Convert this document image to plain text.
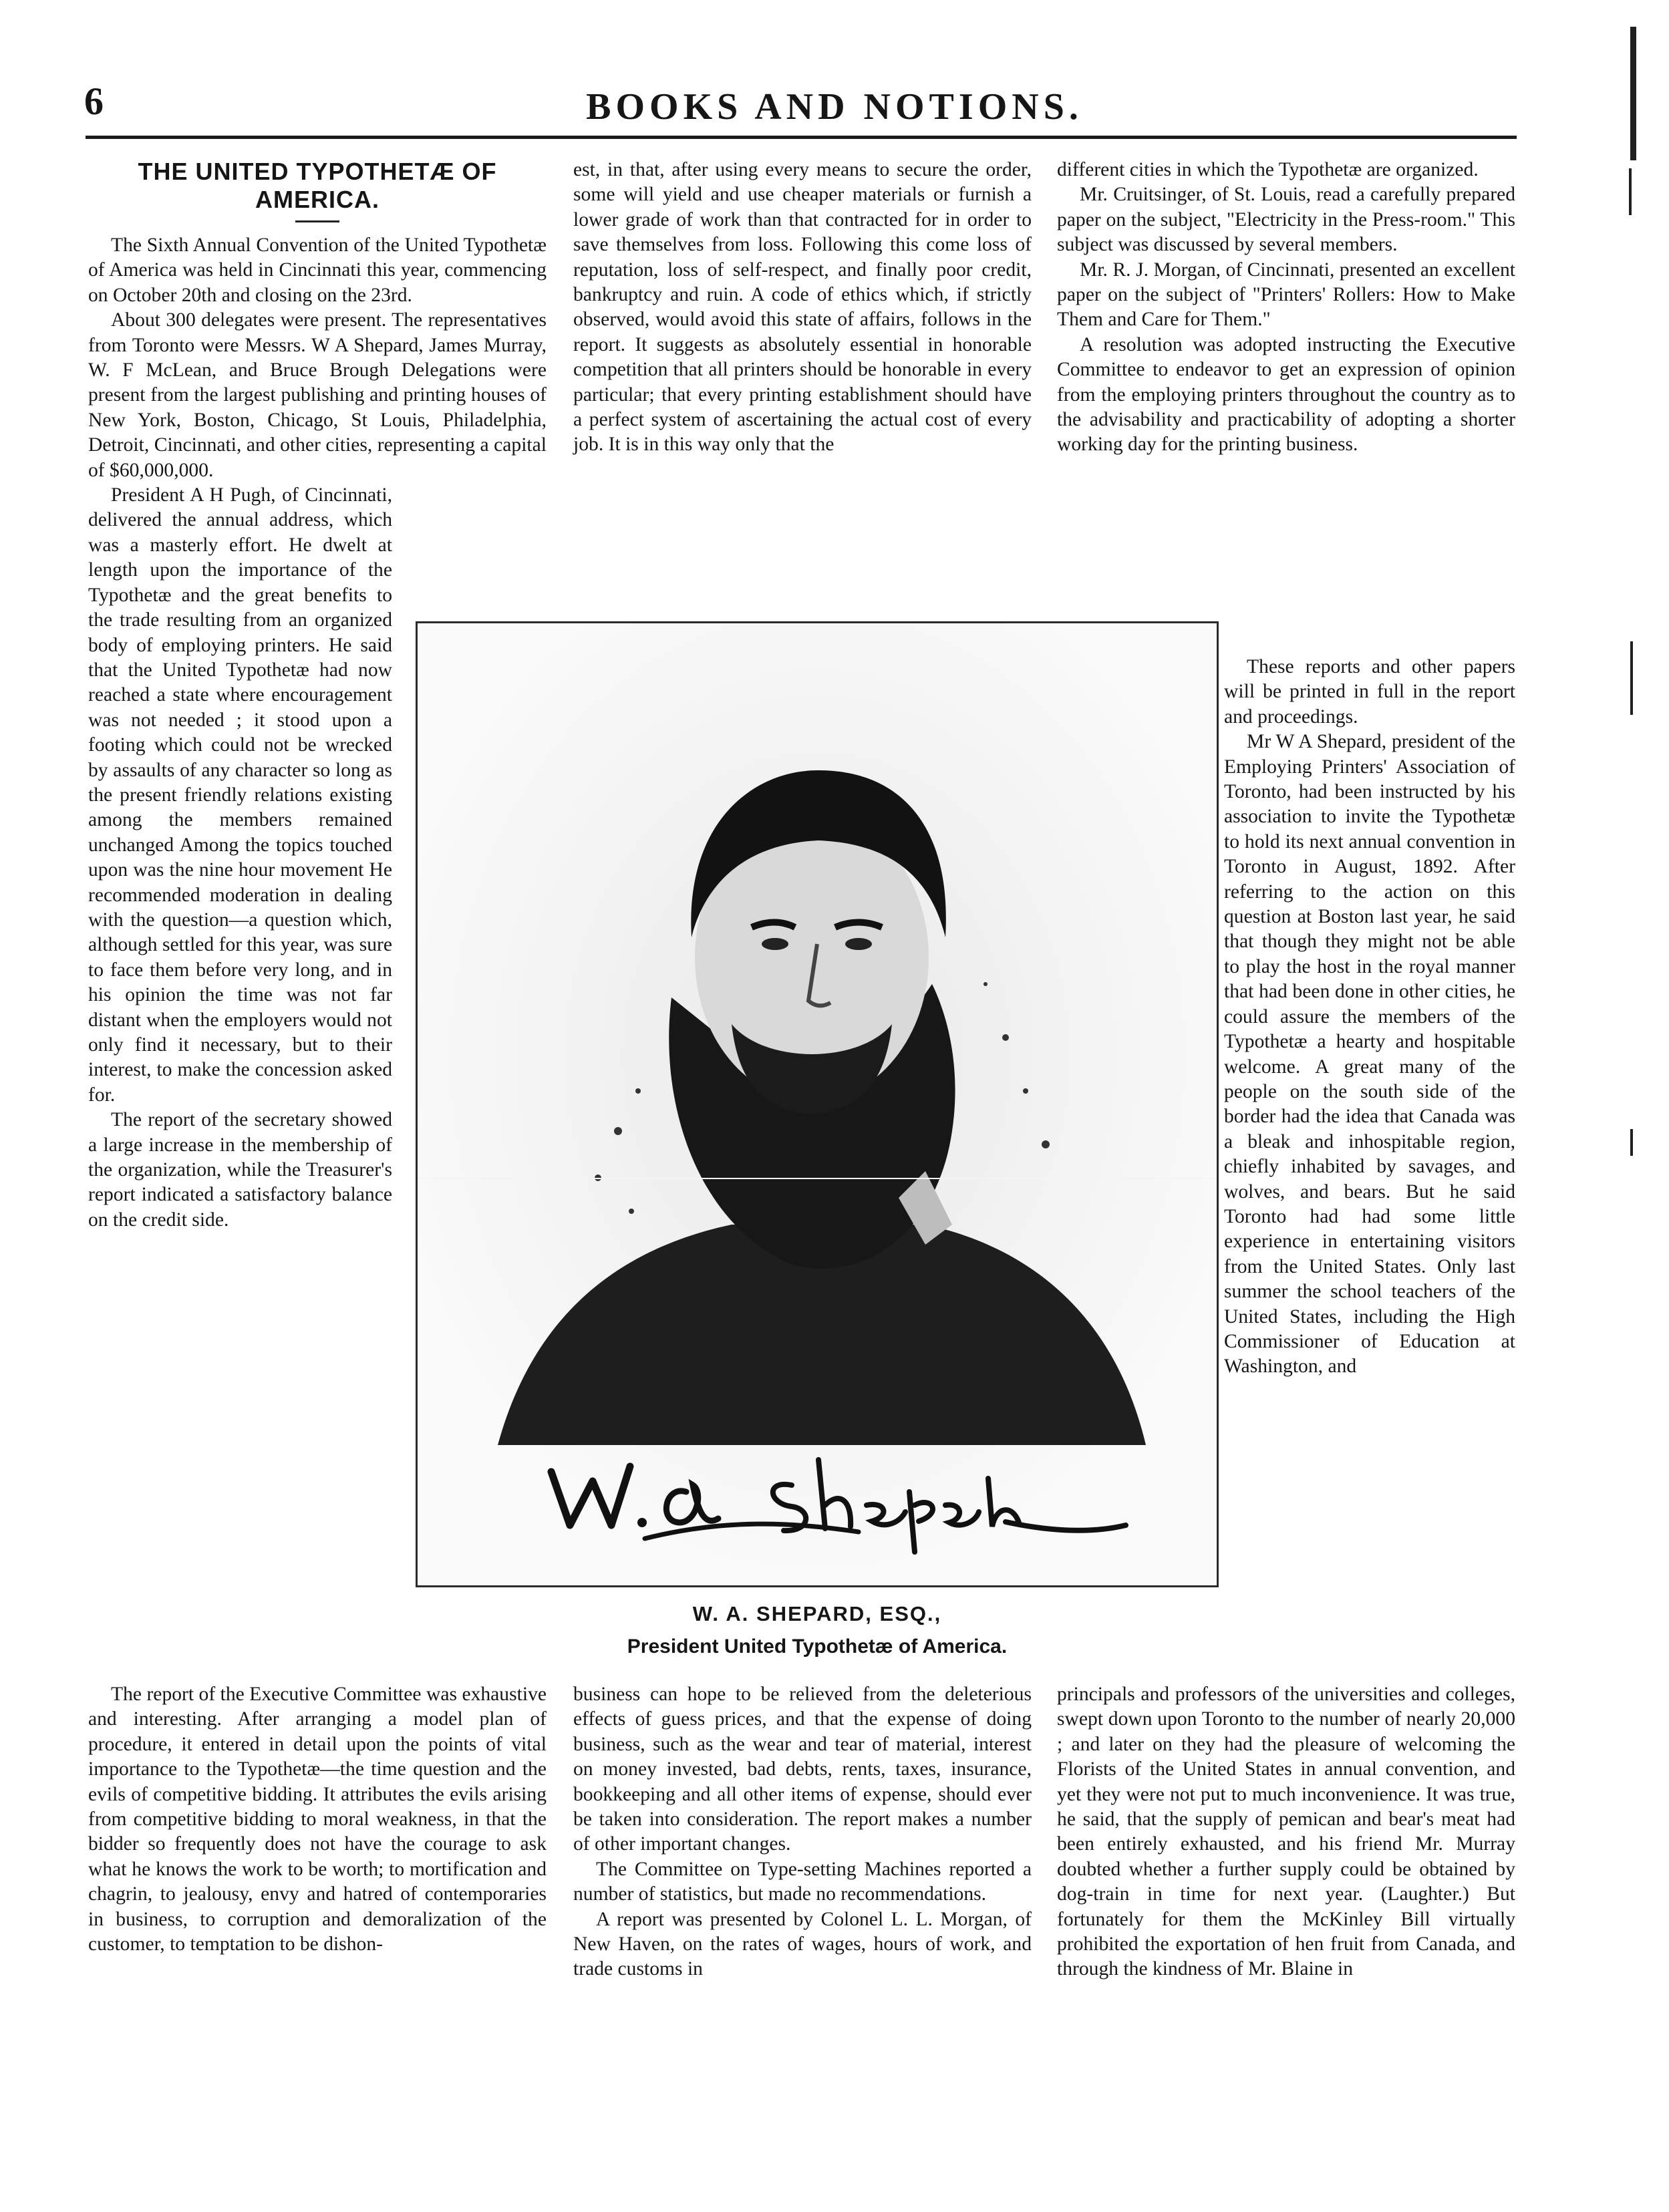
6	BOOKS AND NOTIONS.
THE UNITED TYPOTHETÆ OF AMERICA.

The Sixth Annual Convention of the United Typothetæ of America was held in Cincinnati this year, commencing on October 20th and closing on the 23rd.

About 300 delegates were present. The representatives from Toronto were Messrs. W A Shepard, James Murray, W. F McLean, and Bruce Brough Delegations were present from the largest publishing and printing houses of New York, Boston, Chicago, St Louis, Philadelphia, Detroit, Cincinnati, and other cities, representing a capital of $60,000,000.

President A H Pugh, of Cincinnati, delivered the annual address, which was a masterly effort. He dwelt at length upon the importance of the Typothetæ and the great benefits to the trade resulting from an organized body of employing printers. He said that the United Typothetæ had now reached a state where encouragement was not needed ; it stood upon a footing which could not be wrecked by assaults of any character so long as the present friendly relations existing among the members remained unchanged Among the topics touched upon was the nine hour movement He recommended moderation in dealing with the question—a question which, although settled for this year, was sure to face them before very long, and in his opinion the time was not far distant when the employers would not only find it necessary, but to their interest, to make the concession asked for.

The report of the secretary showed a large increase in the membership of the organization, while the Treasurer's report indicated a satisfactory balance on the credit side.

The report of the Executive Committee was exhaustive and interesting. After arranging a model plan of procedure, it entered in detail upon the points of vital importance to the Typothetæ—the time question and the evils of competitive bidding. It attributes the evils arising from competitive bidding to moral weakness, in that the bidder so frequently does not have the courage to ask what he knows the work to be worth; to mortification and chagrin, to jealousy, envy and hatred of contemporaries in business, to corruption and demoralization of the customer, to temptation to be dishon-

est, in that, after using every means to secure the order, some will yield and use cheaper materials or furnish a lower grade of work than that contracted for in order to save themselves from loss. Following this come loss of reputation, loss of self-respect, and finally poor credit, bankruptcy and ruin. A code of ethics which, if strictly observed, would avoid this state of affairs, follows in the report. It suggests as absolutely essential in honorable competition that all printers should be honorable in every particular; that every printing establishment should have a perfect system of ascertaining the actual cost of every job. It is in this way only that the

business can hope to be relieved from the deleterious effects of guess prices, and that the expense of doing business, such as the wear and tear of material, interest on money invested, bad debts, rents, taxes, insurance, bookkeeping and all other items of expense, should ever be taken into consideration. The report makes a number of other important changes.

The Committee on Type-setting Machines reported a number of statistics, but made no recommendations.

A report was presented by Colonel L. L. Morgan, of New Haven, on the rates of wages, hours of work, and trade customs in

different cities in which the Typothetæ are organized.

Mr. Cruitsinger, of St. Louis, read a carefully prepared paper on the subject, "Electricity in the Press-room." This subject was discussed by several members.

Mr. R. J. Morgan, of Cincinnati, presented an excellent paper on the subject of "Printers' Rollers: How to Make Them and Care for Them."

A resolution was adopted instructing the Executive Committee to endeavor to get an expression of opinion from the employing printers throughout the country as to the advisability and practicability of adopting a shorter working day for the printing business.

These reports and other papers will be printed in full in the report and proceedings.

Mr W A Shepard, president of the Employing Printers' Association of Toronto, had been instructed by his association to invite the Typothetæ to hold its next annual convention in Toronto in August, 1892. After referring to the action on this question at Boston last year, he said that though they might not be able to play the host in the royal manner that had been done in other cities, he could assure the members of the Typothetæ a hearty and hospitable welcome. A great many of the people on the south side of the border had the idea that Canada was a bleak and inhospitable region, chiefly inhabited by savages, and wolves, and bears. But he said Toronto had had some little experience in entertaining visitors from the United States. Only last summer the school teachers of the United States, including the High Commissioner of Education at Washington, and

principals and professors of the universities and colleges, swept down upon Toronto to the number of nearly 20,000 ; and later on they had the pleasure of welcoming the Florists of the United States in annual convention, and yet they were not put to much inconvenience. It was true, he said, that the supply of pemican and bear's meat had been entirely exhausted, and his friend Mr. Murray doubted whether a further supply could be obtained by dog-train in time for next year. (Laughter.) But fortunately for them the McKinley Bill virtually prohibited the exportation of hen fruit from Canada, and through the kindness of Mr. Blaine in

W. A. SHEPARD, ESQ.,
President United Typothetæ of America.
